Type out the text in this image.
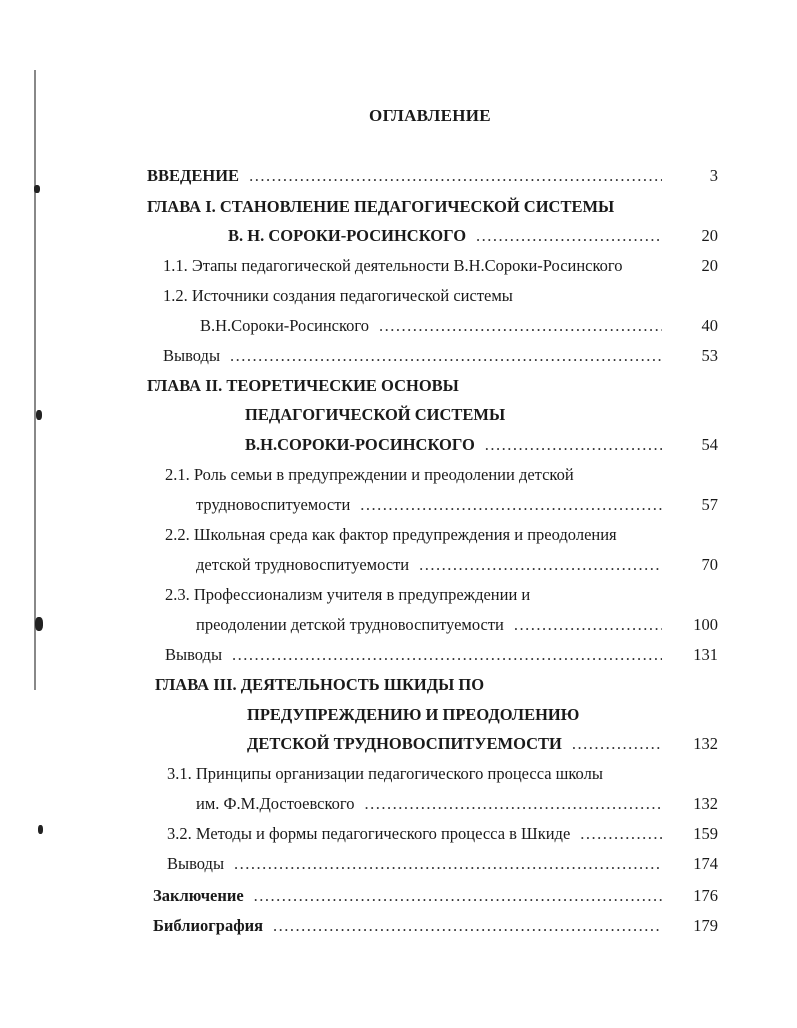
ОГЛАВЛЕНИЕ
ВВЕДЕНИЕ .....	3
ГЛАВА I. СТАНОВЛЕНИЕ ПЕДАГОГИЧЕСКОЙ СИСТЕМЫ
В. Н. СОРОКИ-РОСИНСКОГО .....	20
1.1. Этапы педагогической деятельности В.Н.Сороки-Росинского	20
1.2. Источники создания педагогической системы
В.Н.Сороки-Росинского .....	40
Выводы .....	53
ГЛАВА II. ТЕОРЕТИЧЕСКИЕ ОСНОВЫ
ПЕДАГОГИЧЕСКОЙ СИСТЕМЫ
В.Н.СОРОКИ-РОСИНСКОГО .....	54
2.1. Роль семьи в предупреждении и преодолении детской
трудновоспитуемости .....	57
2.2. Школьная среда как фактор предупреждения и преодоления
детской трудновоспитуемости .....	70
2.3. Профессионализм учителя в предупреждении и
преодолении детской трудновоспитуемости .....	100
Выводы .....	131
ГЛАВА III. ДЕЯТЕЛЬНОСТЬ ШКИДЫ ПО
ПРЕДУПРЕЖДЕНИЮ И ПРЕОДОЛЕНИЮ
ДЕТСКОЙ ТРУДНОВОСПИТУЕМОСТИ .....	132
3.1. Принципы организации педагогического процесса школы
им. Ф.М.Достоевского .....	132
3.2. Методы и формы педагогического процесса в Шкиде .....	159
Выводы .....	174
Заключение .....	176
Библиография .....	179
